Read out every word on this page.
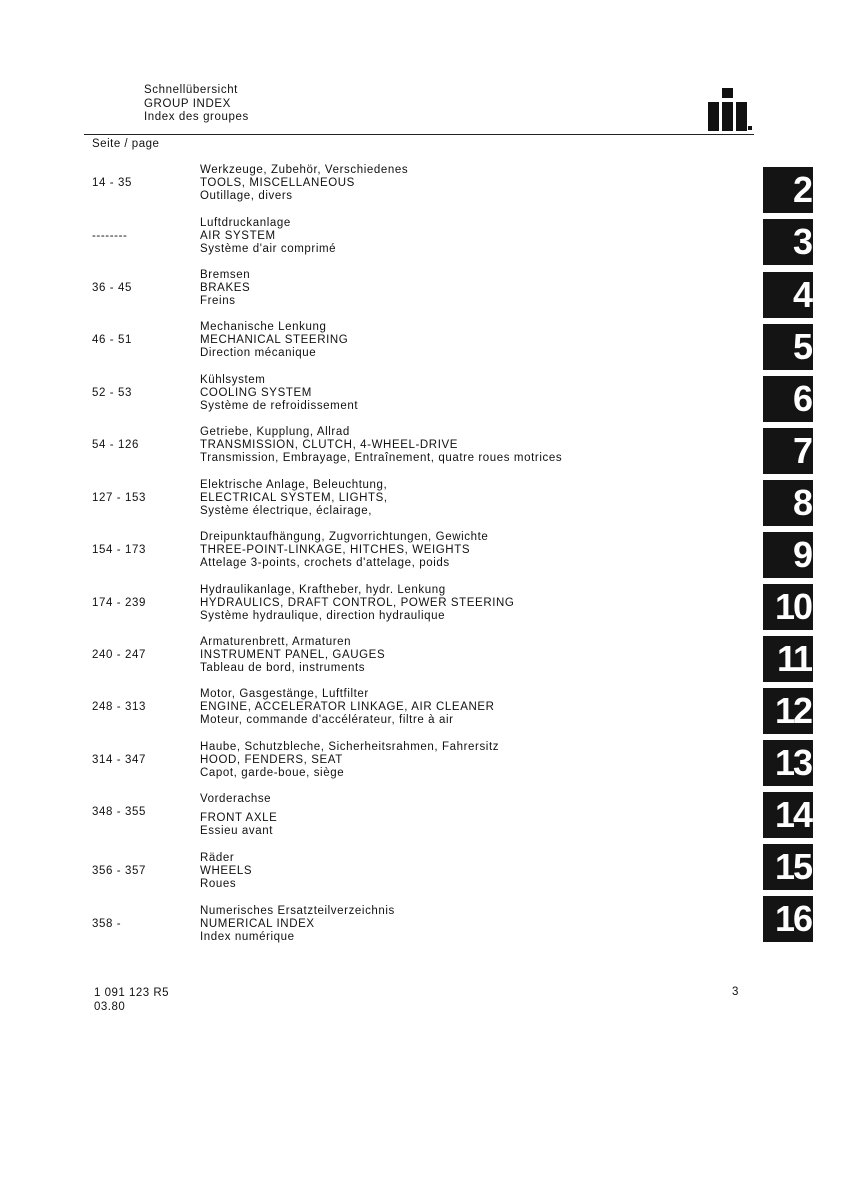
Schnellübersicht
GROUP INDEX
Index des groupes
Seite / page
14 - 35
Werkzeuge, Zubehör, Verschiedenes
TOOLS, MISCELLANEOUS
Outillage, divers
--------
Luftdruckanlage
AIR SYSTEM
Système d'air comprimé
36 - 45
Bremsen
BRAKES
Freins
46 - 51
Mechanische Lenkung
MECHANICAL STEERING
Direction mécanique
52 - 53
Kühlsystem
COOLING SYSTEM
Système de refroidissement
54 - 126
Getriebe, Kupplung, Allrad
TRANSMISSION, CLUTCH, 4-WHEEL-DRIVE
Transmission, Embrayage, Entraînement, quatre roues motrices
127 - 153
Elektrische Anlage, Beleuchtung,
ELECTRICAL SYSTEM, LIGHTS,
Système électrique, éclairage,
154 - 173
Dreipunktaufhängung, Zugvorrichtungen, Gewichte
THREE-POINT-LINKAGE, HITCHES, WEIGHTS
Attelage 3-points, crochets d'attelage, poids
174 - 239
Hydraulikanlage, Kraftheber, hydr. Lenkung
HYDRAULICS, DRAFT CONTROL, POWER STEERING
Système hydraulique, direction hydraulique
240 - 247
Armaturenbrett, Armaturen
INSTRUMENT PANEL, GAUGES
Tableau de bord, instruments
248 - 313
Motor, Gasgestänge, Luftfilter
ENGINE, ACCELERATOR LINKAGE, AIR CLEANER
Moteur, commande d'accélérateur, filtre à air
314 - 347
Haube, Schutzbleche, Sicherheitsrahmen, Fahrersitz
HOOD, FENDERS, SEAT
Capot, garde-boue, siège
348 - 355
Vorderachse
FRONT AXLE
Essieu avant
356 - 357
Räder
WHEELS
Roues
358 -
Numerisches Ersatzteilverzeichnis
NUMERICAL INDEX
Index numérique
2
3
4
5
6
7
8
9
10
11
12
13
14
15
16
1 091 123 R5
03.80
3
